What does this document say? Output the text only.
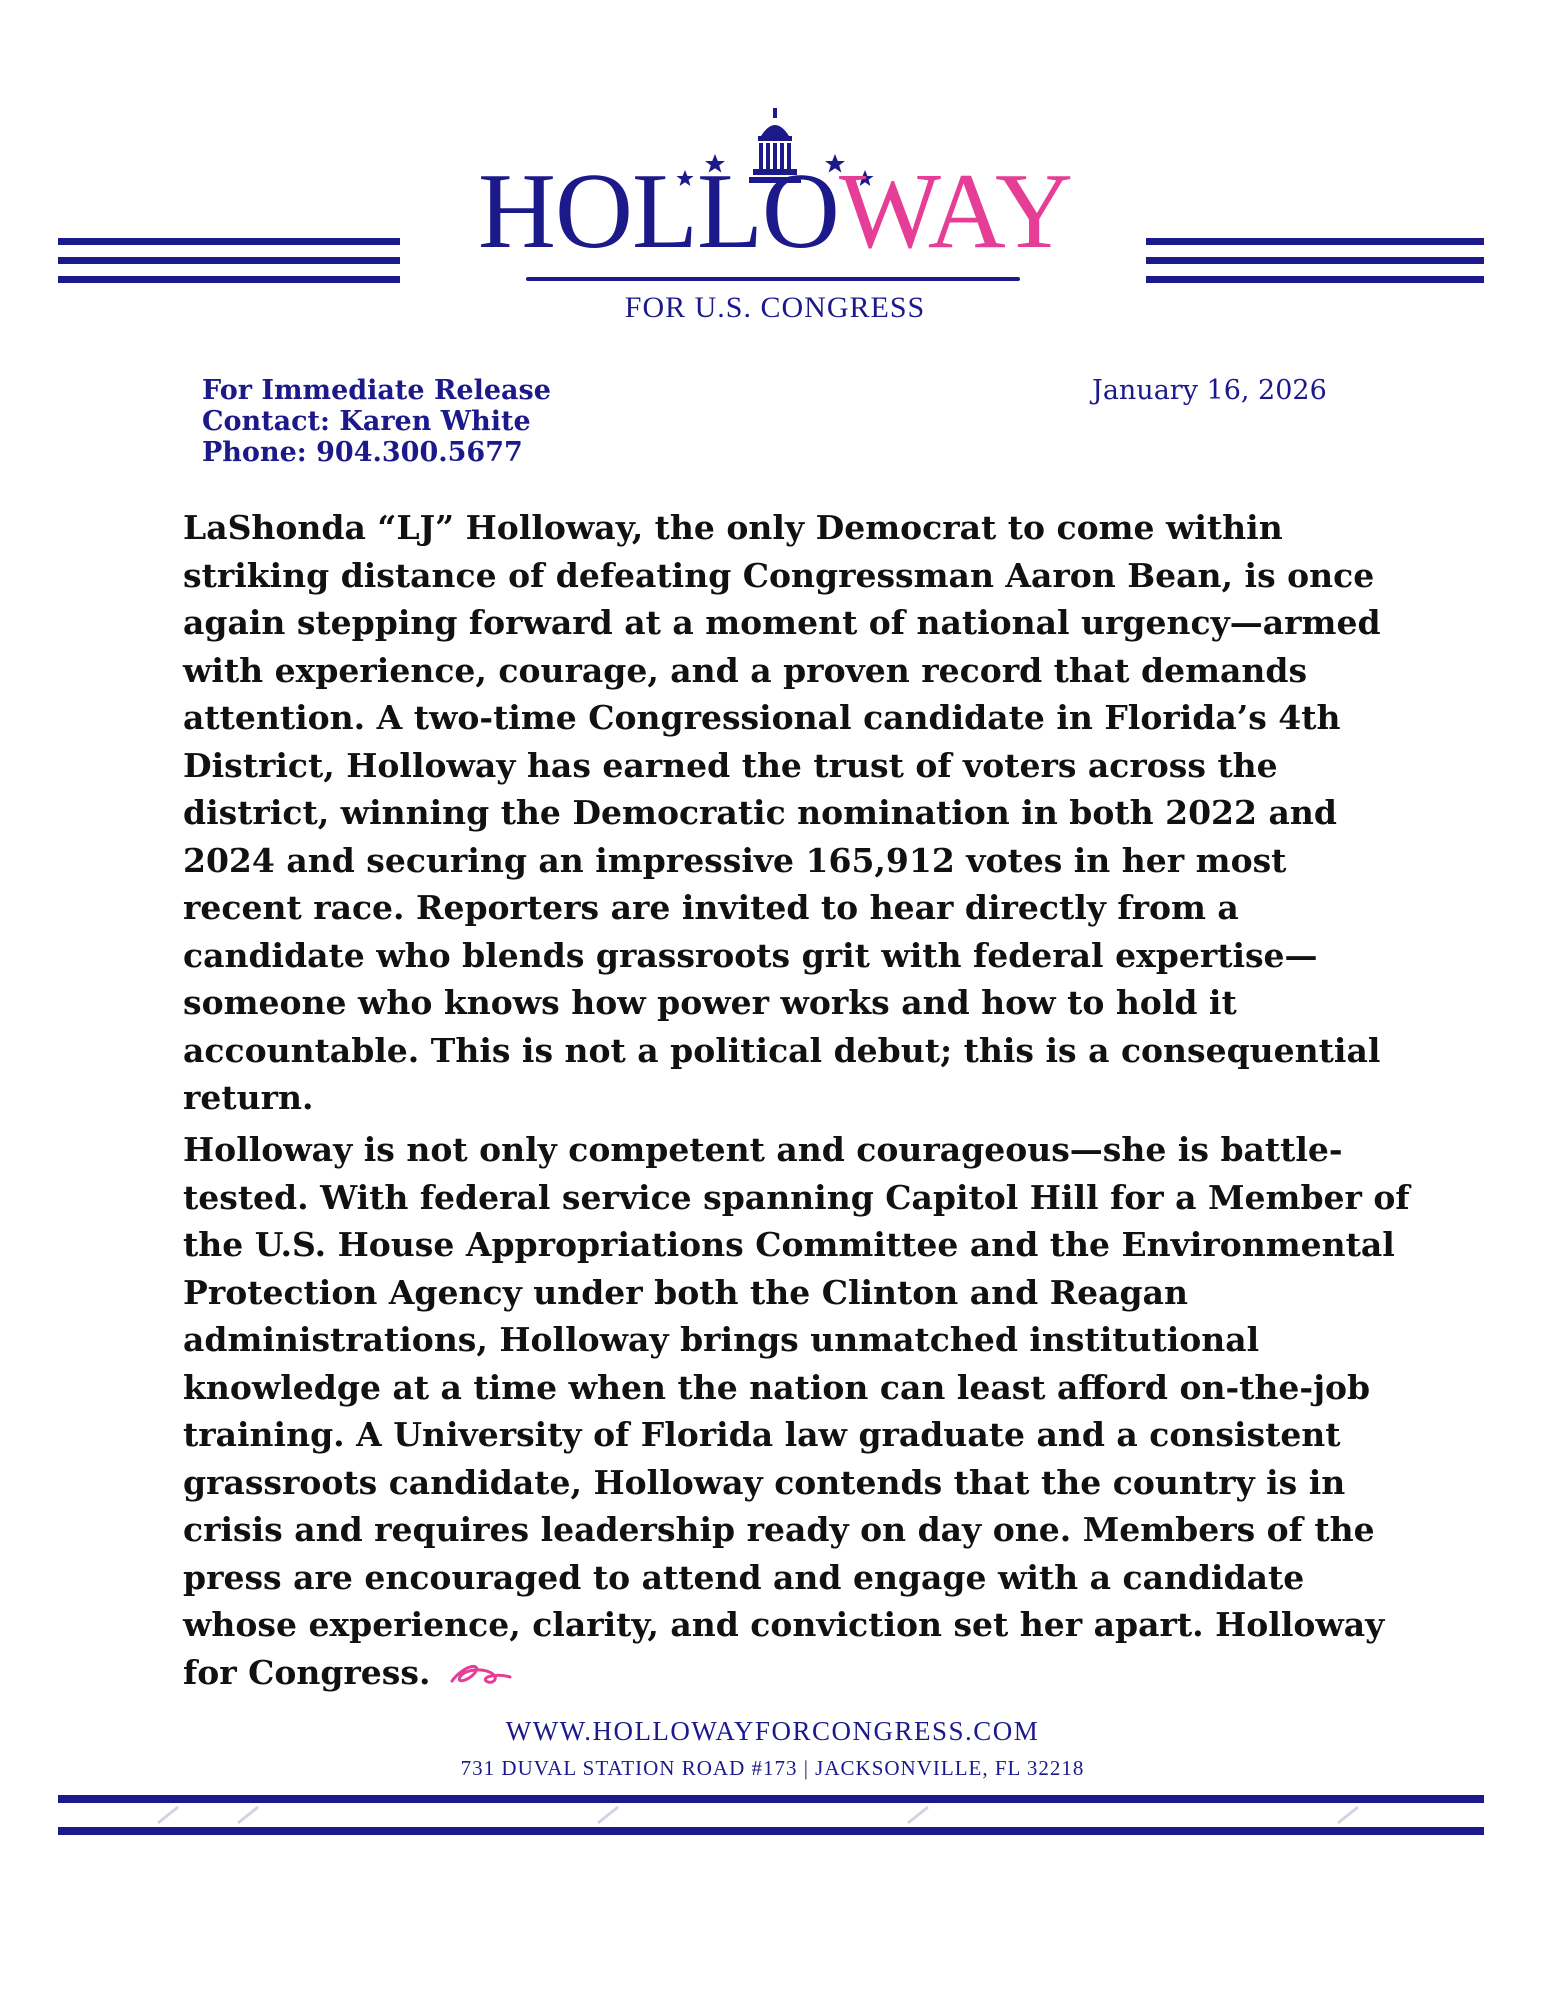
HOLLOWAY
FOR U.S. CONGRESS
For Immediate Release
Contact: Karen White
Phone: 904.300.5677
January 16, 2026

LaShonda “LJ” Holloway, the only Democrat to come within striking distance of defeating Congressman Aaron Bean, is once again stepping forward at a moment of national urgency—armed with experience, courage, and a proven record that demands attention. A two-time Congressional candidate in Florida’s 4th District, Holloway has earned the trust of voters across the district, winning the Democratic nomination in both 2022 and 2024 and securing an impressive 165,912 votes in her most recent race. Reporters are invited to hear directly from a candidate who blends grassroots grit with federal expertise—someone who knows how power works and how to hold it accountable. This is not a political debut; this is a consequential return.

Holloway is not only competent and courageous—she is battle-tested. With federal service spanning Capitol Hill for a Member of the U.S. House Appropriations Committee and the Environmental Protection Agency under both the Clinton and Reagan administrations, Holloway brings unmatched institutional knowledge at a time when the nation can least afford on-the-job training. A University of Florida law graduate and a consistent grassroots candidate, Holloway contends that the country is in crisis and requires leadership ready on day one. Members of the press are encouraged to attend and engage with a candidate whose experience, clarity, and conviction set her apart. Holloway for Congress.

WWW.HOLLOWAYFORCONGRESS.COM
731 DUVAL STATION ROAD #173 | JACKSONVILLE, FL 32218
